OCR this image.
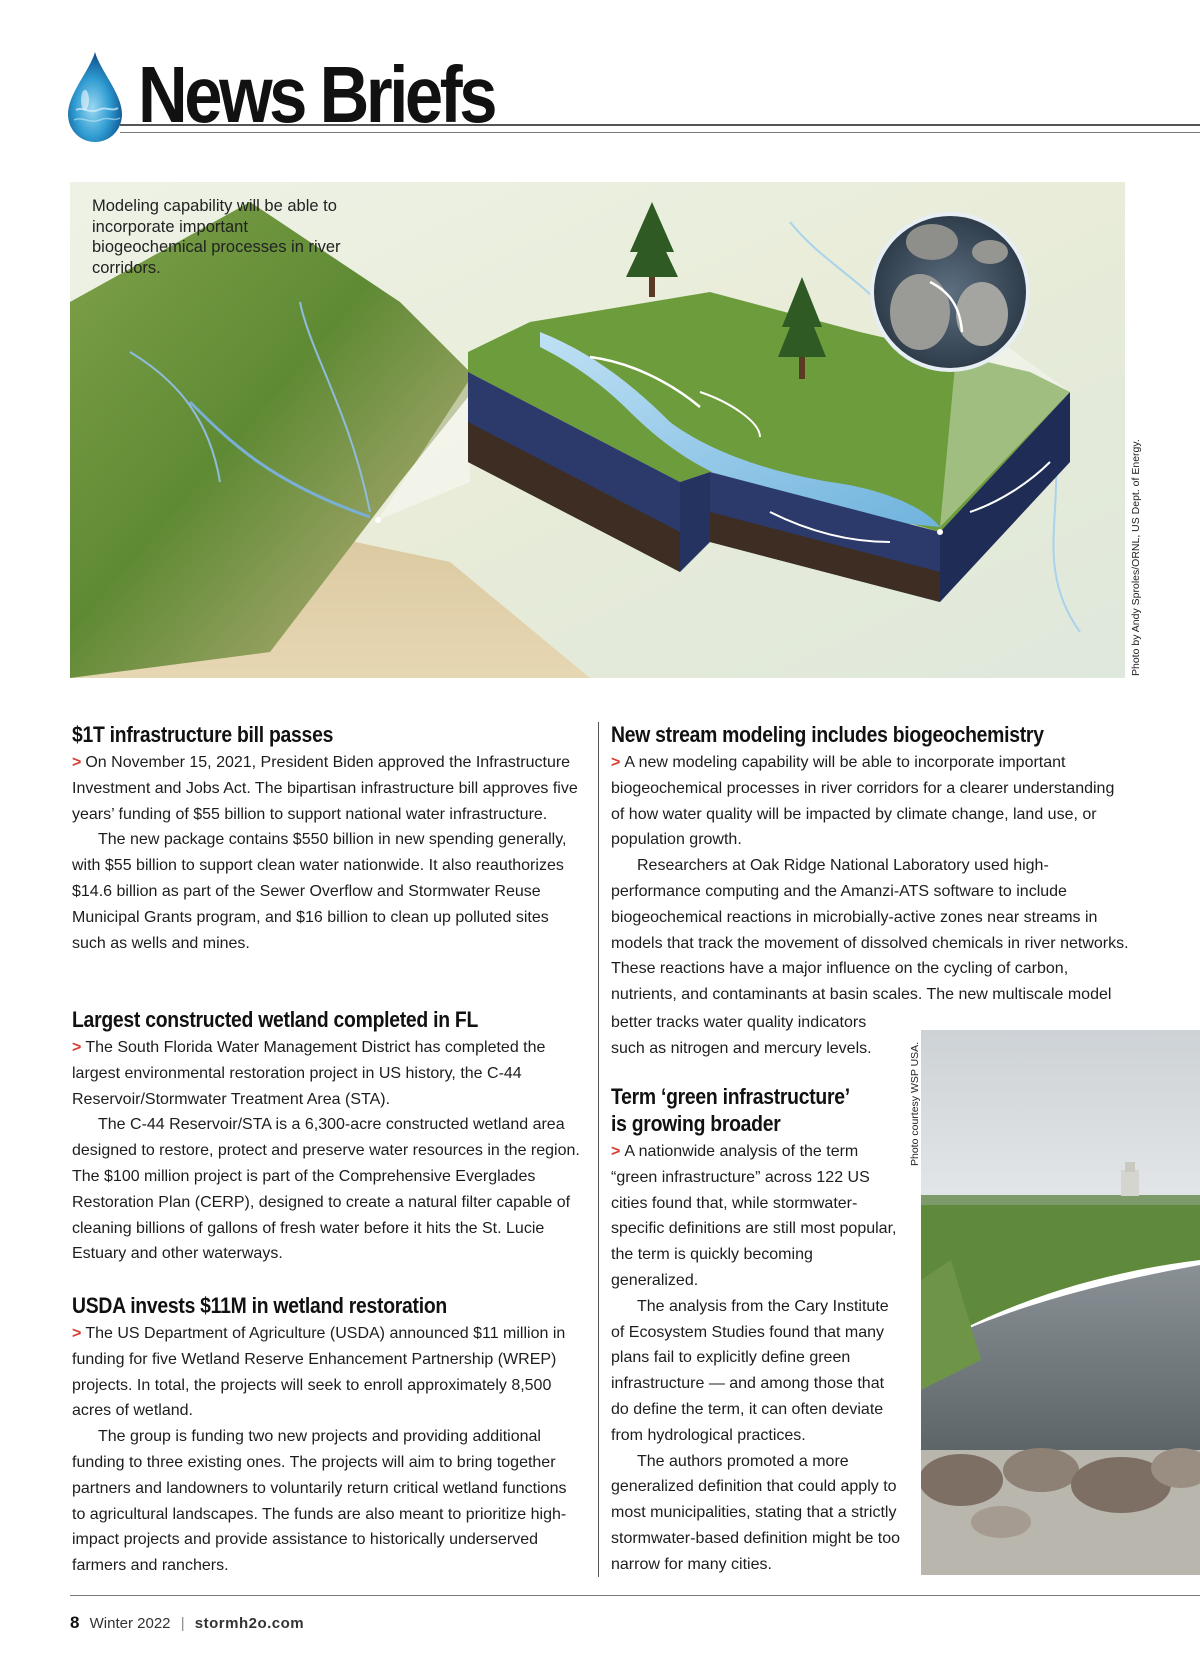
News Briefs

Modeling capability will be able to incorporate important biogeochemical processes in river corridors.

Photo by Andy Sproles/ORNL, US Dept. of Energy.
$1T infrastructure bill passes

> On November 15, 2021, President Biden approved the Infrastructure Investment and Jobs Act. The bipartisan infrastructure bill approves five years’ funding of $55 billion to support national water infrastructure.

The new package contains $550 billion in new spending generally, with $55 billion to support clean water nationwide. It also reauthorizes $14.6 billion as part of the Sewer Overflow and Stormwater Reuse Municipal Grants program, and $16 billion to clean up polluted sites such as wells and mines.

Largest constructed wetland completed in FL

> The South Florida Water Management District has completed the largest environmental restoration project in US history, the C-44 Reservoir/Stormwater Treatment Area (STA).

The C-44 Reservoir/STA is a 6,300-acre constructed wetland area designed to restore, protect and preserve water resources in the region. The $100 million project is part of the Comprehensive Everglades Restoration Plan (CERP), designed to create a natural filter capable of cleaning billions of gallons of fresh water before it hits the St. Lucie Estuary and other waterways.

USDA invests $11M in wetland restoration

> The US Department of Agriculture (USDA) announced $11 million in funding for five Wetland Reserve Enhancement Partnership (WREP) projects. In total, the projects will seek to enroll approximately 8,500 acres of wetland.

The group is funding two new projects and providing additional funding to three existing ones. The projects will aim to bring together partners and landowners to voluntarily return critical wetland functions to agricultural landscapes. The funds are also meant to prioritize high-impact projects and provide assistance to historically underserved farmers and ranchers.

New stream modeling includes biogeochemistry

> A new modeling capability will be able to incorporate important biogeochemical processes in river corridors for a clearer understanding of how water quality will be impacted by climate change, land use, or population growth.

Researchers at Oak Ridge National Laboratory used high-performance computing and the Amanzi-ATS software to include biogeochemical reactions in microbially-active zones near streams in models that track the movement of dissolved chemicals in river networks. These reactions have a major influence on the cycling of carbon, nutrients, and contaminants at basin scales. The new multiscale model

better tracks water quality indicators such as nitrogen and mercury levels.

Term ‘green infrastructure’
is growing broader

> A nationwide analysis of the term “green infrastructure” across 122 US cities found that, while stormwater-specific definitions are still most popular, the term is quickly becoming generalized.

The analysis from the Cary Institute of Ecosystem Studies found that many plans fail to explicitly define green infrastructure — and among those that do define the term, it can often deviate from hydrological practices.

The authors promoted a more generalized definition that could apply to most municipalities, stating that a strictly stormwater-based definition might be too narrow for many cities.

Photo courtesy WSP USA.
8 Winter 2022 | stormh2o.com
